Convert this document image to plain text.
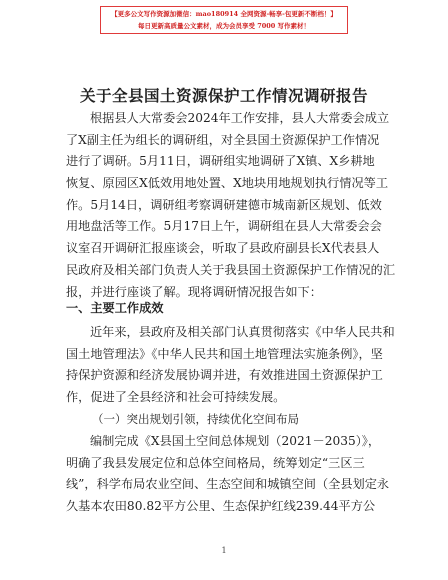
【更多公文写作资源加微信：mao180914 全网资源-畅享-包更新不断档！】
每日更新高质量公文素材，成为会员享受 7000 写作素材！
关于全县国土资源保护工作情况调研报告
根据县人大常委会2024年工作安排，县人大常委会成立
了X副主任为组长的调研组，对全县国土资源保护工作情况
进行了调研。5月11日，调研组实地调研了X镇、X乡耕地
恢复、原园区X低效用地处置、X地块用地规划执行情况等工
作。5月14日，调研组考察调研建德市城南新区规划、低效
用地盘活等工作。5月17日上午，调研组在县人大常委会会
议室召开调研汇报座谈会，听取了县政府副县长X代表县人
民政府及相关部门负责人关于我县国土资源保护工作情况的汇
报，并进行座谈了解。现将调研情况报告如下：
一、主要工作成效
近年来，县政府及相关部门认真贯彻落实《中华人民共和
国土地管理法》《中华人民共和国土地管理法实施条例》，坚
持保护资源和经济发展协调并进，有效推进国土资源保护工
作，促进了全县经济和社会可持续发展。
（一）突出规划引领，持续优化空间布局
编制完成《X县国土空间总体规划（2021－2035）》，
明确了我县发展定位和总体空间格局，统筹划定“三区三
线”，科学布局农业空间、生态空间和城镇空间（全县划定永
久基本农田80.82平方公里、生态保护红线239.44平方公
1
